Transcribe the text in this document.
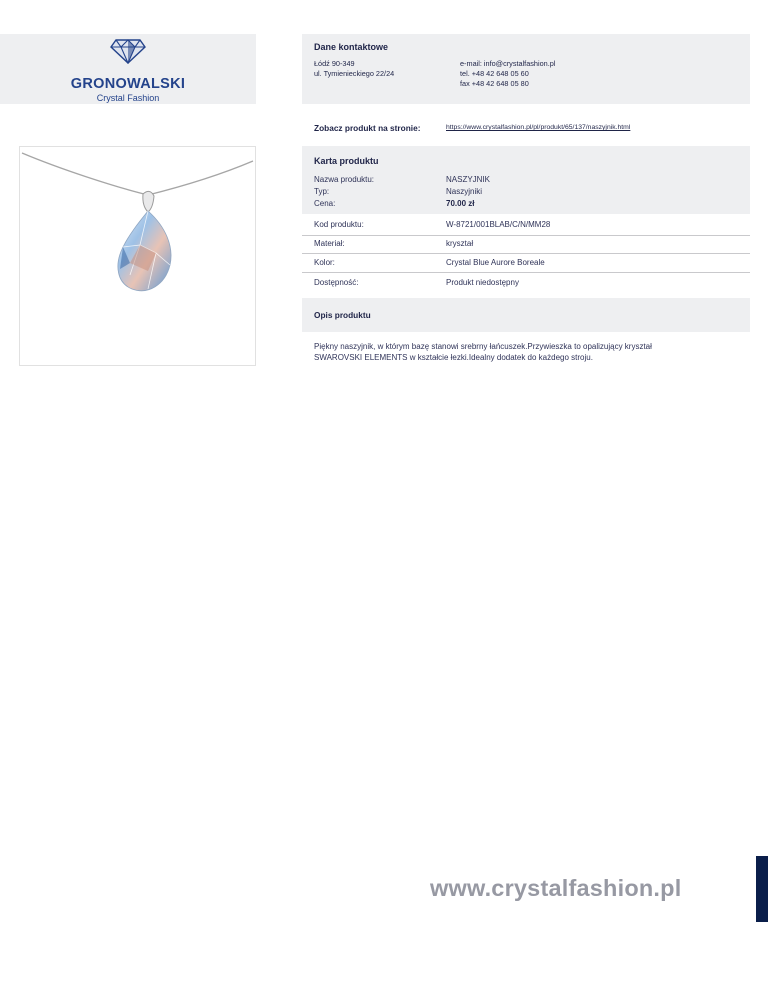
GRONOWALSKI
Crystal Fashion
Dane kontaktowe
Łódź 90-349
ul. Tymienieckiego 22/24
e-mail: info@crystalfashion.pl
tel. +48 42 648 05 60
fax +48 42 648 05 80
Zobacz produkt na stronie:	https://www.crystalfashion.pl/pl/produkt/65/137/naszyjnik.html
Karta produktu
Nazwa produktu:	NASZYJNIK
Typ:	Naszyjniki
Cena:	70.00 zł
Kod produktu:	W-8721/001BLAB/C/N/MM28
Materiał:	kryształ
Kolor:	Crystal Blue Aurore Boreale
Dostępność:	Produkt niedostępny
Opis produktu
Piękny naszyjnik, w którym bazę stanowi srebrny łańcuszek.Przywieszka to opalizujący kryształ SWAROVSKI ELEMENTS w kształcie łezki.Idealny dodatek do każdego stroju.
www.crystalfashion.pl
